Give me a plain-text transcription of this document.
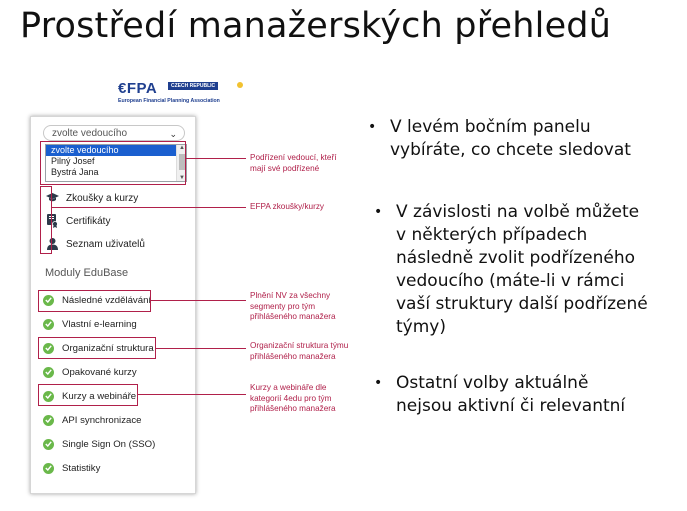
Prostředí manažerských přehledů
€FPA	CZECH REPUBLIC
European Financial Planning Association
zvolte vedoucího	⌄
Zkoušky a kurzy
Certifikáty
Seznam uživatelů
Moduly EduBase
Následné vzdělávání
Vlastní e-learning
Organizační struktura
Opakované kurzy
Kurzy a webináře
API synchronizace
Single Sign On (SSO)
Statistiky
zvolte vedoucího
Pilný Josef
Bystrá Jana
▲
▼
Podřízení vedoucí, kteří
mají své podřízené
EFPA zkoušky/kurzy
Plnění NV za všechny
segmenty pro tým
přihlášeného manažera
Organizační struktura týmu
přihlášeného manažera
Kurzy a webináře dle
kategorií 4edu pro tým
přihlášeného manažera
• V levém bočním panelu
vybíráte, co chcete sledovat
• V závislosti na volbě můžete
v některých případech
následně zvolit podřízeného
vedoucího (máte-li v rámci
vaší struktury další podřízené
týmy)
• Ostatní volby aktuálně
nejsou aktivní či relevantní
